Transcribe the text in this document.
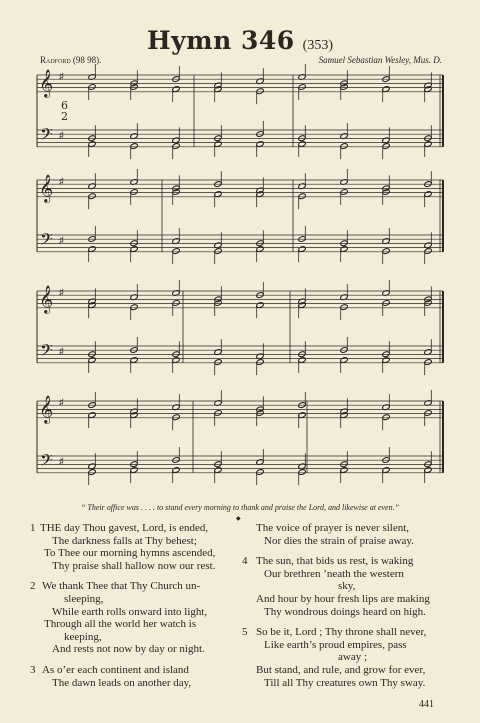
Hymn 346 (353)
Radford (98 98).	Samuel Sebastian Wesley, Mus. D.
𝄞
𝄢
♯
♯
𝄞
𝄢
♯
♯
𝄞
𝄢
♯
♯
𝄞
𝄢
♯
♯
6
2
“ Their office was . . . . to stand every morning to thank and praise the Lord, and likewise at even.”
◆
1 THE day Thou gavest, Lord, is ended,
The darkness falls at Thy behest;
To Thee our morning hymns ascended,
Thy praise shall hallow now our rest.
2 We thank Thee that Thy Church un-
sleeping,
While earth rolls onward into light,
Through all the world her watch is
keeping,
And rests not now by day or night.
3 As o’er each continent and island
The dawn leads on another day,
The voice of prayer is never silent,
Nor dies the strain of praise away.
4 The sun, that bids us rest, is waking
Our brethren ’neath the western
sky,
And hour by hour fresh lips are making
Thy wondrous doings heard on high.
5 So be it, Lord ; Thy throne shall never,
Like earth’s proud empires, pass
away ;
But stand, and rule, and grow for ever,
Till all Thy creatures own Thy sway.
441
